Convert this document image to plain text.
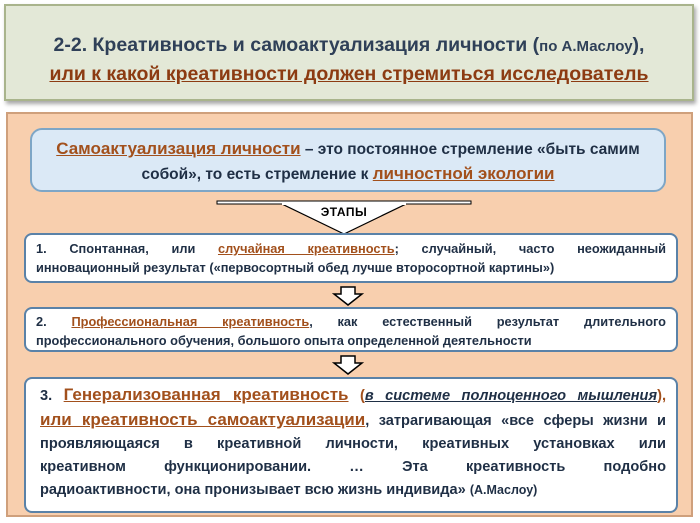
2-2. Креативность и самоактуализация личности (по А.Маслоу),
или к какой креативности должен стремиться исследователь
Самоактуализация личности – это постоянное стремление «быть самим
собой», то есть стремление к личностной экологии
ЭТАПЫ
1. Спонтанная, или случайная креативность; случайный, часто неожиданный
инновационный результат («первосортный обед лучше второсортной картины»)
2. Профессиональная креативность, как естественный результат длительного
профессионального обучения, большого опыта определенной деятельности
3. Генерализованная креативность (в системе полноценного мышления),
или креативность самоактуализации, затрагивающая «все сферы жизни и
проявляющаяся в креативной личности, креативных установках или
креативном функционировании. … Эта креативность подобно
радиоактивности, она пронизывает всю жизнь индивида» (А.Маслоу)
